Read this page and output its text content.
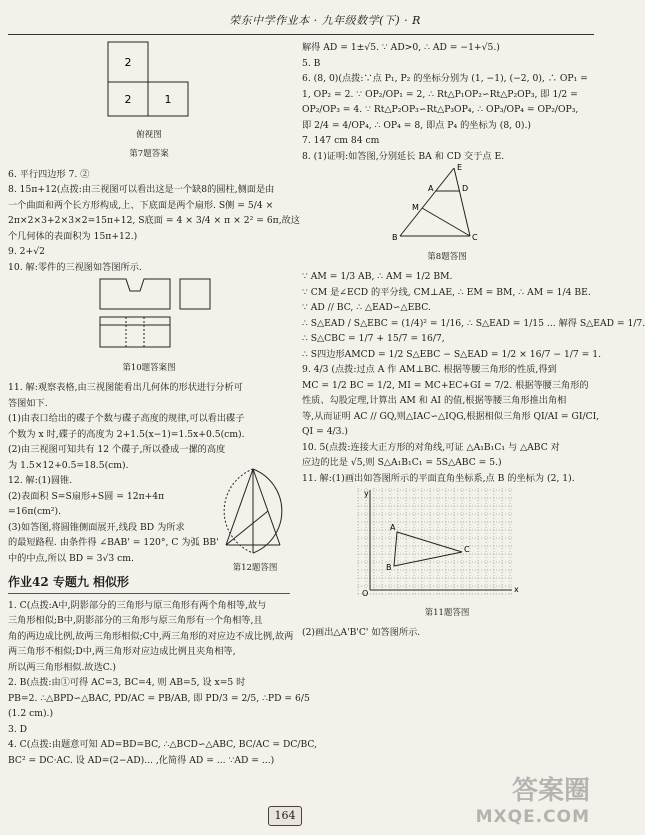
荣东中学作业本 · 九年级数学(下) · R
2
2	1
俯视图
第7题答案

6. 平行四边形 7. ②

8. 15π+12(点拨:由三视图可以看出这是一个缺8的圆柱,侧面是由

一个曲面和两个长方形构成,上、下底面是两个扇形. S侧 = 5/4 ×

2π×2×3+2×3×2=15π+12, S底面 = 4 × 3/4 × π × 2² = 6π,故这

个几何体的表面积为 15π+12.)

9. 2+√2

10. 解:零件的三视图如答图所示.

第10题答案图

11. 解:观察表格,由三视图能看出几何体的形状进行分析可

答图如下.

(1)由表口给出的碟子个数与碟子高度的规律,可以看出碟子

个数为 x 时,碟子的高度为 2+1.5(x−1)=1.5x+0.5(cm).

(2)由三视图可知共有 12 个碟子,所以叠成一摞的高度

为 1.5×12+0.5=18.5(cm).

12. 解:(1)圆锥.

(2)表面积 S=S扇形+S圆 = 12π+4π

=16π(cm²).

(3)如答图,将圆锥侧面展开,线段 BD 为所求

的最短路程. 由条件得 ∠BAB' = 120°, C 为弧 BB'

中的中点,所以 BD = 3√3 cm.

第12题答图
作业42 专题九 相似形

1. C(点拨:A中,阴影部分的三角形与原三角形有两个角相等,故与

三角形相似;B中,阴影部分的三角形与原三角形有一个角相等,且

角的两边成比例,故两三角形相似;C中,两三角形的对应边不成比例,故两

两三角形不相似;D中,两三角形对应边成比例且夹角相等,

所以两三角形相似.故选C.)

2. B(点拨:由①可得 AC=3, BC=4, 则 AB=5, 设 x=5 时

PB=2. ∴△BPD∽△BAC, PD/AC = PB/AB, 即 PD/3 = 2/5, ∴PD = 6/5

(1.2 cm).)

3. D

4. C(点拨:由题意可知 AD=BD=BC, ∴△BCD∽△ABC, BC/AC = DC/BC,

BC² = DC·AC. 设 AD=(2−AD)... ,化简得 AD = ... ∵AD = ...)

解得 AD = 1±√5. ∵ AD>0, ∴ AD = −1+√5.)

5. B

6. (8, 0)(点拨:∵点 P₁, P₂ 的坐标分别为 (1, −1), (−2, 0), ∴ OP₁ =

1, OP₂ = 2. ∵ OP₂/OP₁ = 2, ∴ Rt△P₁OP₂∽Rt△P₂OP₃, 即 1/2 =

OP₂/OP₃ = 4. ∵ Rt△P₂OP₃∽Rt△P₃OP₄, ∴ OP₃/OP₄ = OP₂/OP₃,

即 2/4 = 4/OP₄, ∴ OP₄ = 8, 即点 P₄ 的坐标为 (8, 0).)

7. 147 cm 84 cm

8. (1)证明:如答图,分别延长 BA 和 CD 交于点 E.

E
A	D
M
B	C
第8题答图

∵ AM = 1/3 AB, ∴ AM = 1/2 BM.

∵ CM 是∠ECD 的平分线, CM⊥AE, ∴ EM = BM, ∴ AM = 1/4 BE.

∵ AD // BC, ∴ △EAD∽△EBC.

∴ S△EAD / S△EBC = (1/4)² = 1/16, ∴ S△EAD = 1/15 ... 解得 S△EAD = 1/7.

∴ S△CBC = 1/7 + 15/7 = 16/7,

∴ S四边形AMCD = 1/2 S△EBC − S△EAD = 1/2 × 16/7 − 1/7 = 1.

9. 4/3 (点拨:过点 A 作 AM⊥BC. 根据等腰三角形的性质,得到

MC = 1/2 BC = 1/2, MI = MC+EC+GI = 7/2. 根据等腰三角形的

性质、勾股定理,计算出 AM 和 AI 的值,根据等腰三角形推出角相

等,从而证明 AC // GQ,则△IAC∽△IQG,根据相似三角形 QI/AI = GI/CI,

QI = 4/3.)

10. 5(点拨:连接大正方形的对角线,可证 △A₁B₁C₁ 与 △ABC 对

应边的比是 √5,则 S△A₁B₁C₁ = 5S△ABC = 5.)

11. 解:(1)画出如答图所示的平面直角坐标系,点 B 的坐标为 (2, 1).

y
x
O
A
B
C
第11题答图

(2)画出△A'B'C' 如答图所示.

164
答案圈
MXQE.COM
